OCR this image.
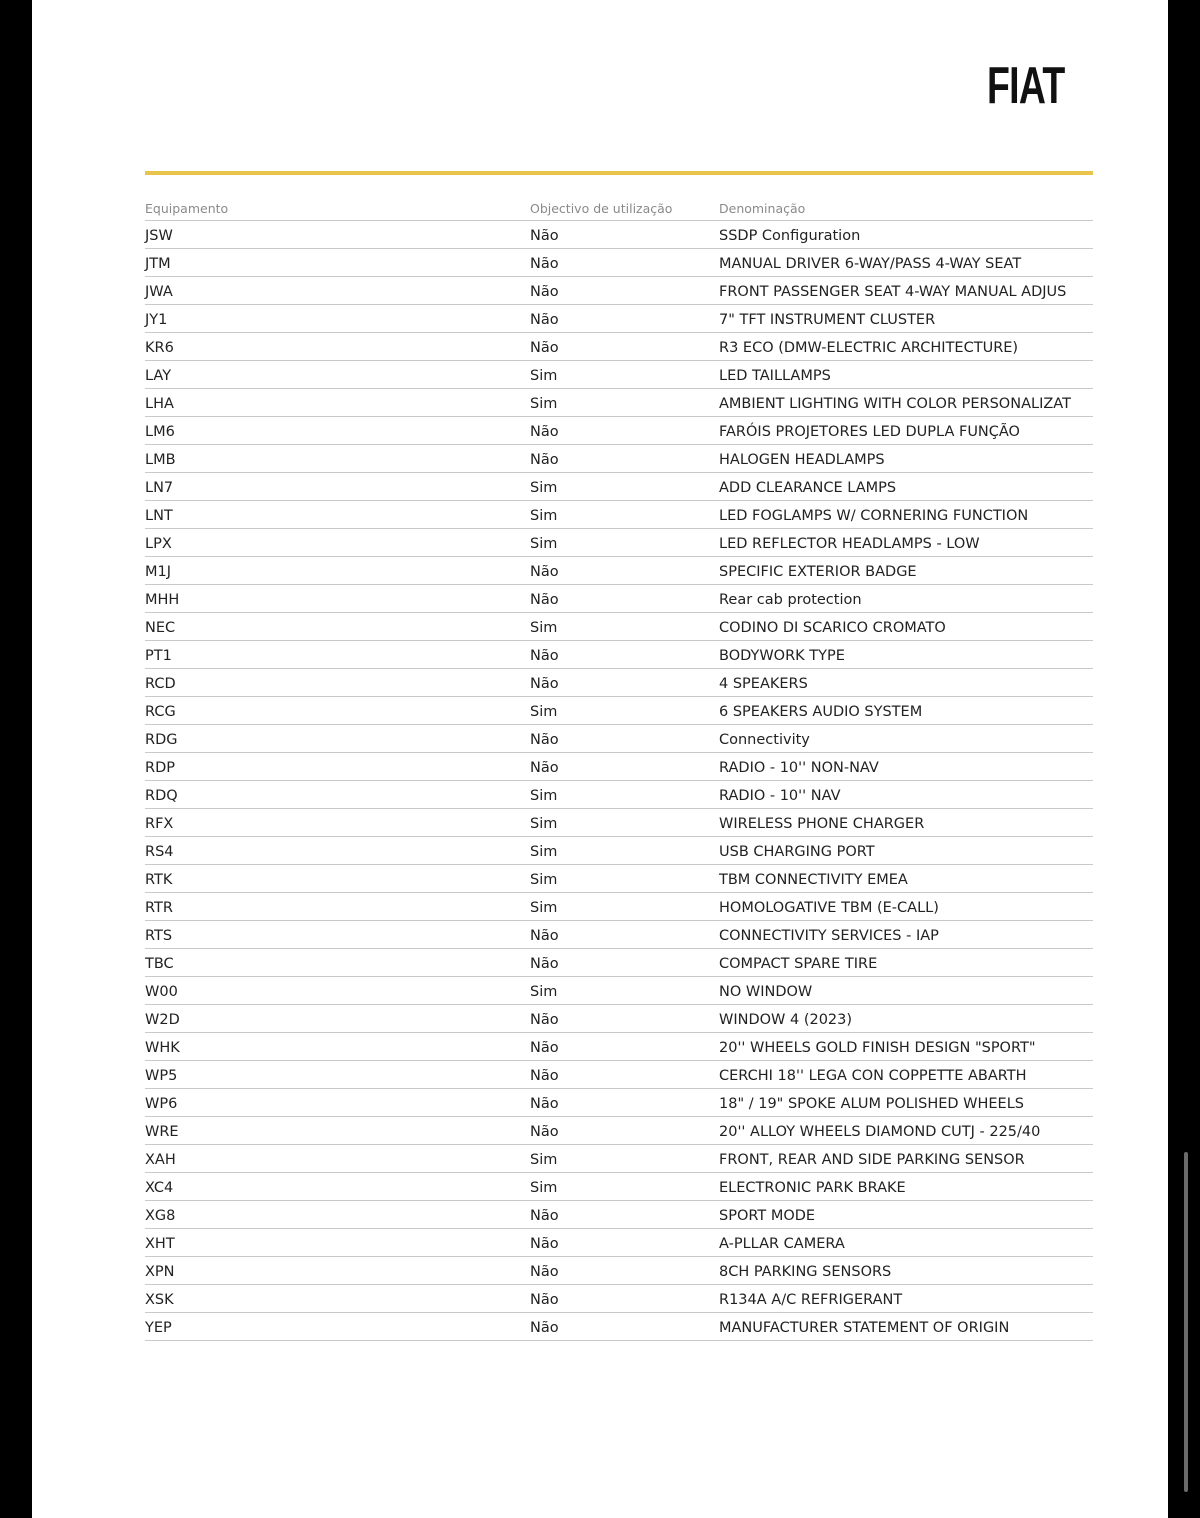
FIAT
Equipamento	Objectivo de utilização	Denominação
JSW	Não	SSDP Configuration
JTM	Não	MANUAL DRIVER 6-WAY/PASS 4-WAY SEAT
JWA	Não	FRONT PASSENGER SEAT 4-WAY MANUAL ADJUS
JY1	Não	7" TFT INSTRUMENT CLUSTER
KR6	Não	R3 ECO (DMW-ELECTRIC ARCHITECTURE)
LAY	Sim	LED TAILLAMPS
LHA	Sim	AMBIENT LIGHTING WITH COLOR PERSONALIZAT
LM6	Não	FARÓIS PROJETORES LED DUPLA FUNÇÃO
LMB	Não	HALOGEN HEADLAMPS
LN7	Sim	ADD CLEARANCE LAMPS
LNT	Sim	LED FOGLAMPS W/ CORNERING FUNCTION
LPX	Sim	LED REFLECTOR HEADLAMPS - LOW
M1J	Não	SPECIFIC EXTERIOR BADGE
MHH	Não	Rear cab protection
NEC	Sim	CODINO DI SCARICO CROMATO
PT1	Não	BODYWORK TYPE
RCD	Não	4 SPEAKERS
RCG	Sim	6 SPEAKERS AUDIO SYSTEM
RDG	Não	Connectivity
RDP	Não	RADIO - 10'' NON-NAV
RDQ	Sim	RADIO - 10'' NAV
RFX	Sim	WIRELESS PHONE CHARGER
RS4	Sim	USB CHARGING PORT
RTK	Sim	TBM CONNECTIVITY EMEA
RTR	Sim	HOMOLOGATIVE TBM (E-CALL)
RTS	Não	CONNECTIVITY SERVICES - IAP
TBC	Não	COMPACT SPARE TIRE
W00	Sim	NO WINDOW
W2D	Não	WINDOW 4 (2023)
WHK	Não	20'' WHEELS GOLD FINISH DESIGN "SPORT"
WP5	Não	CERCHI 18'' LEGA CON COPPETTE ABARTH
WP6	Não	18" / 19" SPOKE ALUM POLISHED WHEELS
WRE	Não	20'' ALLOY WHEELS DIAMOND CUTJ - 225/40
XAH	Sim	FRONT, REAR AND SIDE PARKING SENSOR
XC4	Sim	ELECTRONIC PARK BRAKE
XG8	Não	SPORT MODE
XHT	Não	A-PLLAR CAMERA
XPN	Não	8CH PARKING SENSORS
XSK	Não	R134A A/C REFRIGERANT
YEP	Não	MANUFACTURER STATEMENT OF ORIGIN
